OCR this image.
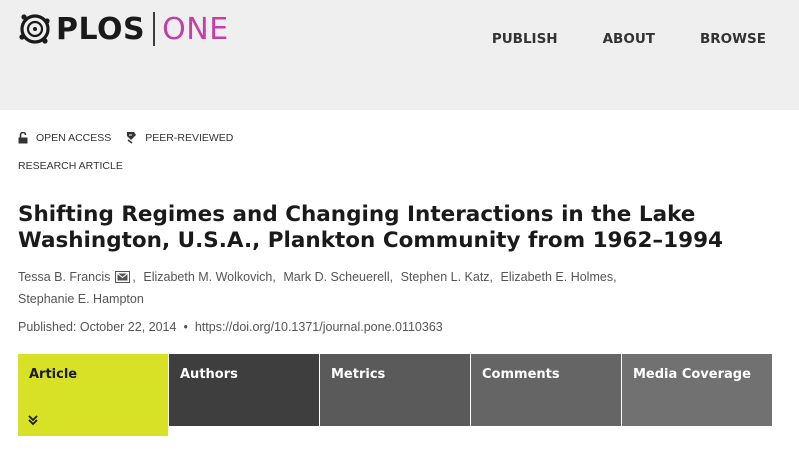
PLOS ONE	PUBLISH	ABOUT	BROWSE
OPEN ACCESS	PEER-REVIEWED
RESEARCH ARTICLE
Shifting Regimes and Changing Interactions in the Lake Washington, U.S.A., Plankton Community from 1962–1994
Tessa B. Francis , Elizabeth M. Wolkovich, Mark D. Scheuerell, Stephen L. Katz, Elizabeth E. Holmes,
Stephanie E. Hampton
Published: October 22, 2014 • https://doi.org/10.1371/journal.pone.0110363
Article	Authors	Metrics	Comments	Media Coverage
